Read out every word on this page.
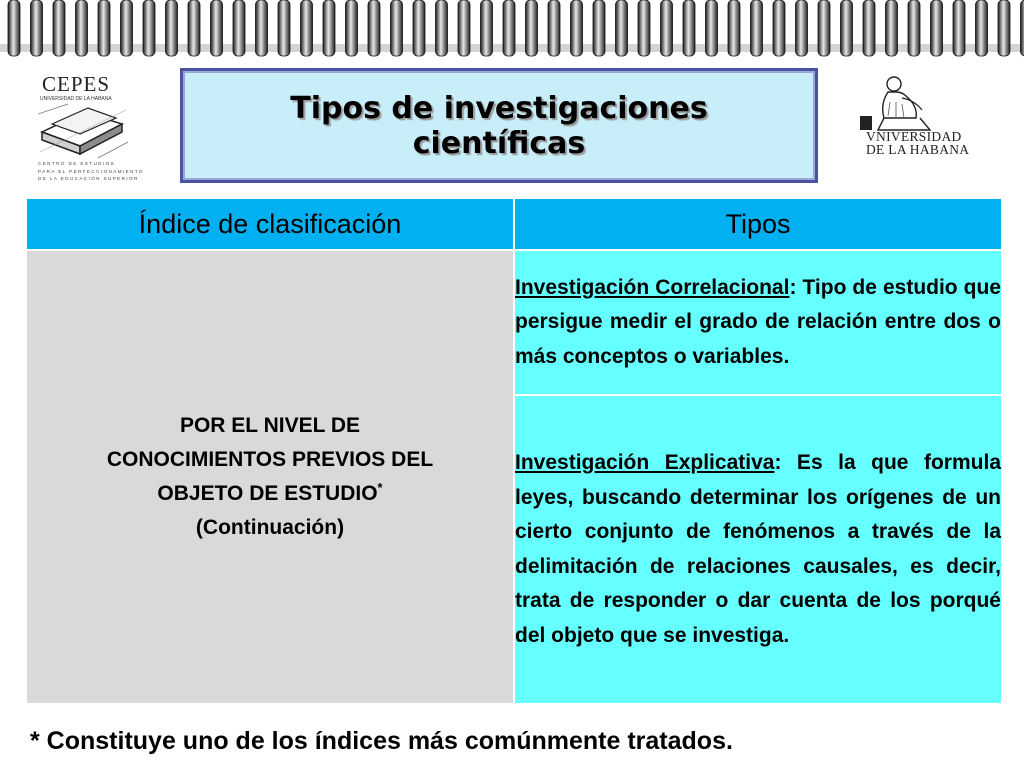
CEPES
UNIVERSIDAD DE LA HABANA
CENTRO DE ESTUDIOS
PARA EL PERFECCIONAMIENTO
DE LA EDUCACIÓN SUPERIOR
Tipos de investigaciones
científicas	VNIVERSIDAD
DE LA HABANA
Índice de clasificación	Tipos

POR EL NIVEL DE
CONOCIMIENTOS PREVIOS DEL
OBJETO DE ESTUDIO*
(Continuación)	Investigación Correlacional: Tipo de estudio que persigue medir el grado de relación entre dos o más conceptos o variables.
	Investigación Explicativa: Es la que formula leyes, buscando determinar los orígenes de un cierto conjunto de fenómenos a través de la delimitación de relaciones causales, es decir, trata de responder o dar cuenta de los porqué del objeto que se investiga.
* Constituye uno de los índices más comúnmente tratados.
